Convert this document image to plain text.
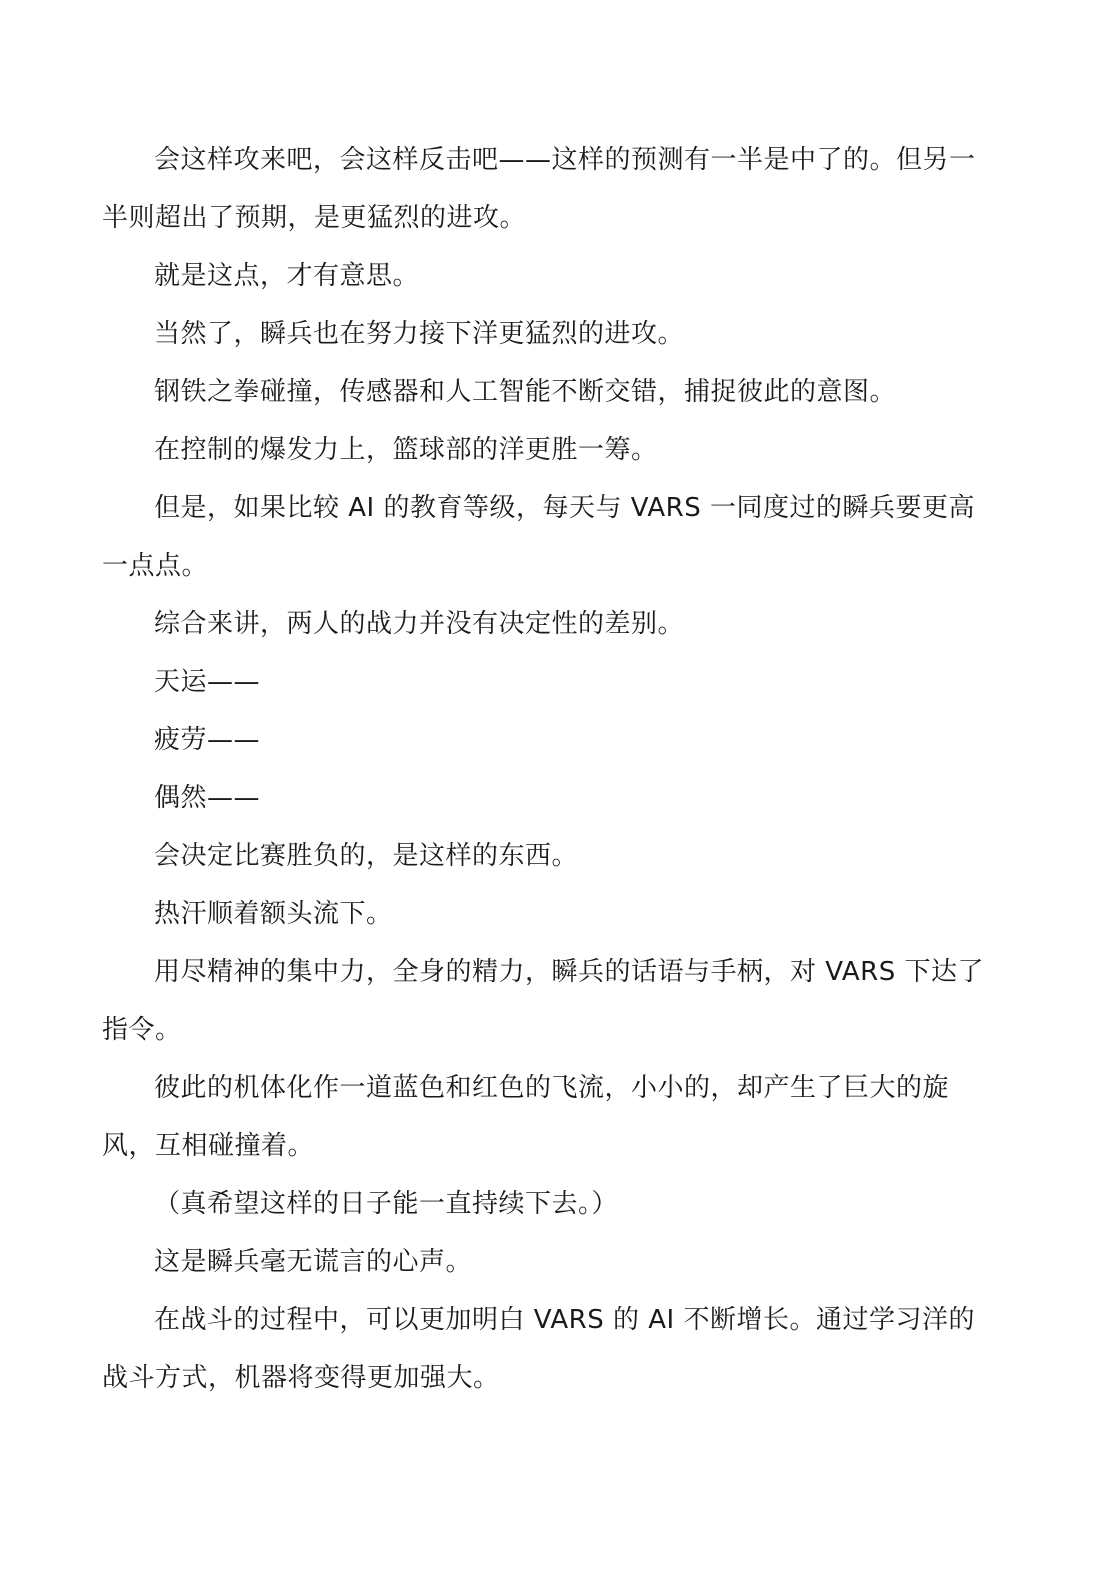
会这样攻来吧，会这样反击吧——这样的预测有一半是中了的。但另一半则超出了预期，是更猛烈的进攻。

就是这点，才有意思。

当然了，瞬兵也在努力接下洋更猛烈的进攻。

钢铁之拳碰撞，传感器和人工智能不断交错，捕捉彼此的意图。

在控制的爆发力上，篮球部的洋更胜一筹。

但是，如果比较 AI 的教育等级，每天与 VARS 一同度过的瞬兵要更高一点点。

综合来讲，两人的战力并没有决定性的差别。

天运——

疲劳——

偶然——

会决定比赛胜负的，是这样的东西。

热汗顺着额头流下。

用尽精神的集中力，全身的精力，瞬兵的话语与手柄，对 VARS 下达了指令。

彼此的机体化作一道蓝色和红色的飞流，小小的，却产生了巨大的旋风，互相碰撞着。

（真希望这样的日子能一直持续下去。）

这是瞬兵毫无谎言的心声。

在战斗的过程中，可以更加明白 VARS 的 AI 不断增长。通过学习洋的战斗方式，机器将变得更加强大。
